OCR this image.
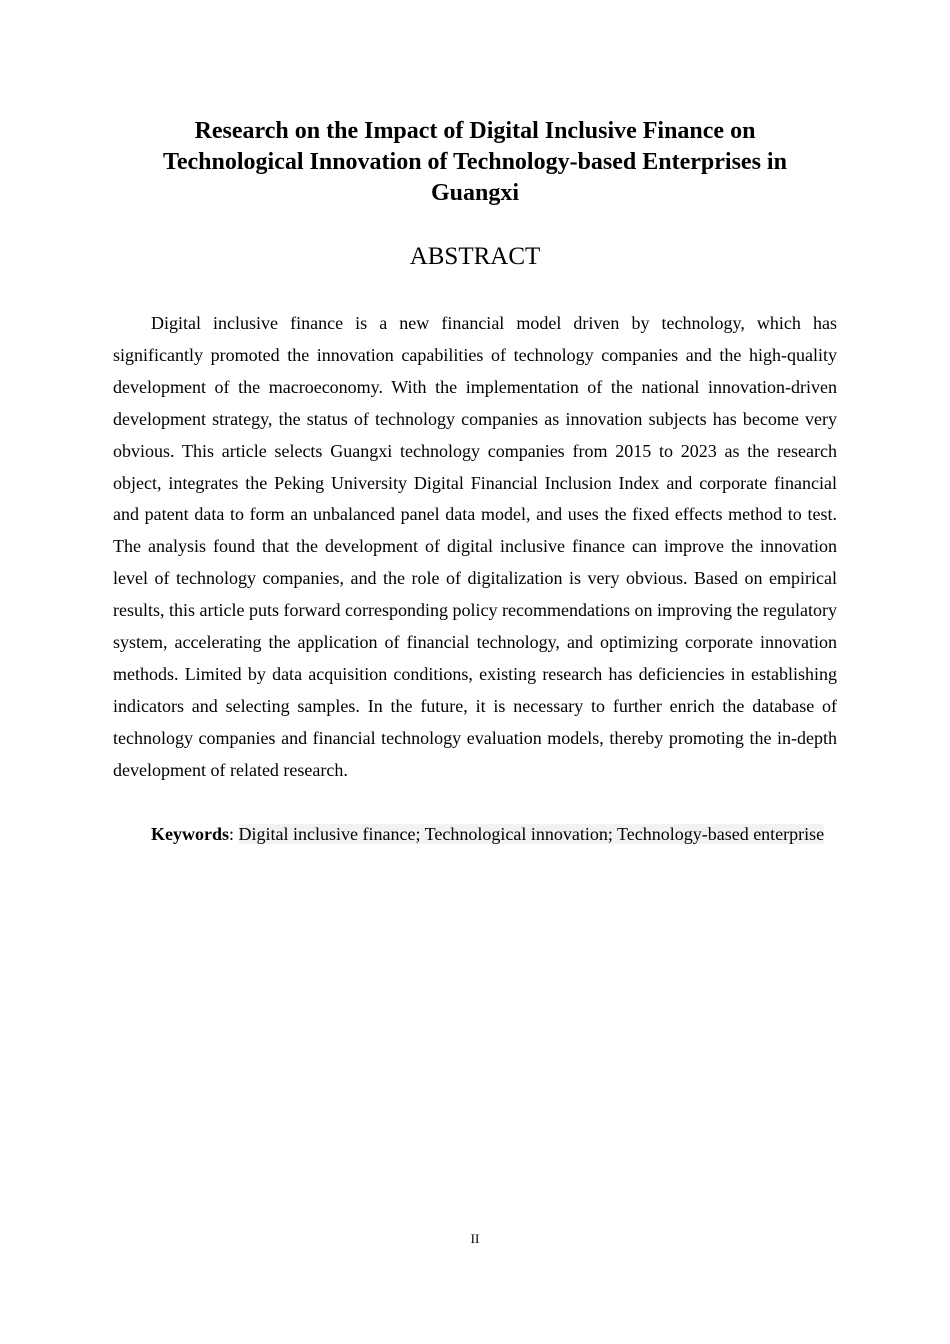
Research on the Impact of Digital Inclusive Finance on
Technological Innovation of Technology-based Enterprises in
Guangxi
ABSTRACT

Digital inclusive finance is a new financial model driven by technology, which has significantly promoted the innovation capabilities of technology companies and the high-quality development of the macroeconomy. With the implementation of the national innovation-driven development strategy, the status of technology companies as innovation subjects has become very obvious. This article selects Guangxi technology companies from 2015 to 2023 as the research object, integrates the Peking University Digital Financial Inclusion Index and corporate financial and patent data to form an unbalanced panel data model, and uses the fixed effects method to test. The analysis found that the development of digital inclusive finance can improve the innovation level of technology companies, and the role of digitalization is very obvious. Based on empirical results, this article puts forward corresponding policy recommendations on improving the regulatory system, accelerating the application of financial technology, and optimizing corporate innovation methods. Limited by data acquisition conditions, existing research has deficiencies in establishing indicators and selecting samples. In the future, it is necessary to further enrich the database of technology companies and financial technology evaluation models, thereby promoting the in-depth development of related research.

Keywords: Digital inclusive finance; Technological innovation; Technology-based enterprise

II
